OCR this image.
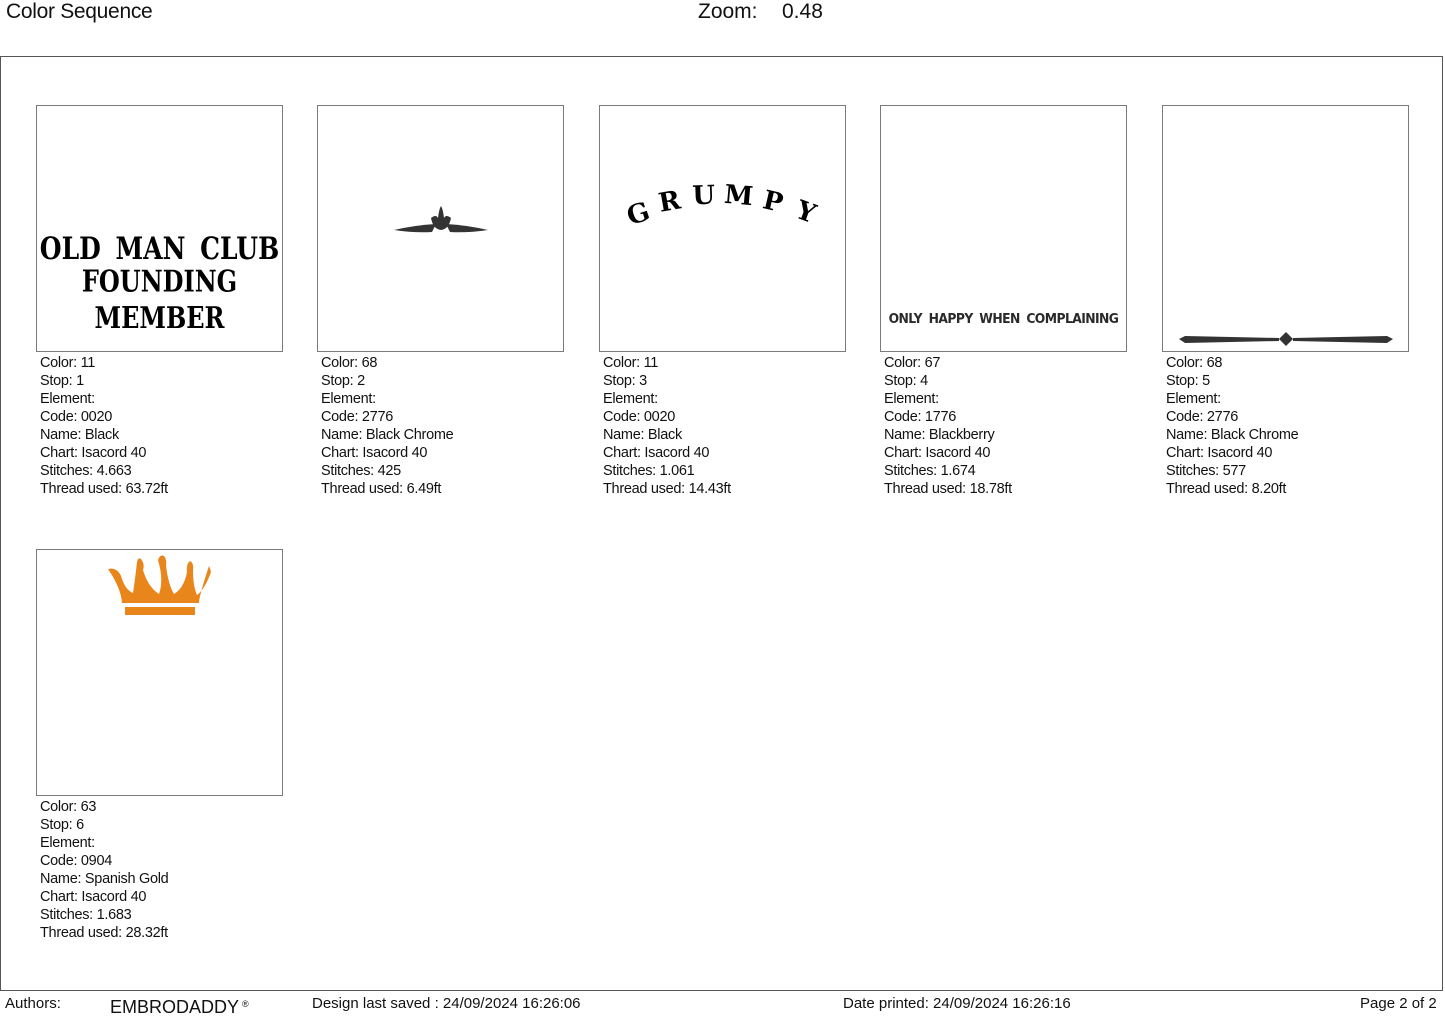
Color Sequence	Zoom: 0.48
OLD MAN CLUB
FOUNDING MEMBER
Color: 11
Stop: 1
Element:
Code: 0020
Name: Black
Chart: Isacord 40
Stitches: 4.663
Thread used: 63.72ft
Color: 68
Stop: 2
Element:
Code: 2776
Name: Black Chrome
Chart: Isacord 40
Stitches: 425
Thread used: 6.49ft
G R U M P Y
Color: 11
Stop: 3
Element:
Code: 0020
Name: Black
Chart: Isacord 40
Stitches: 1.061
Thread used: 14.43ft
ONLY HAPPY WHEN COMPLAINING
Color: 67
Stop: 4
Element:
Code: 1776
Name: Blackberry
Chart: Isacord 40
Stitches: 1.674
Thread used: 18.78ft
Color: 68
Stop: 5
Element:
Code: 2776
Name: Black Chrome
Chart: Isacord 40
Stitches: 577
Thread used: 8.20ft
Color: 63
Stop: 6
Element:
Code: 0904
Name: Spanish Gold
Chart: Isacord 40
Stitches: 1.683
Thread used: 28.32ft
Authors:	EMBRODADDY ®	Design last saved : 24/09/2024 16:26:06	Date printed: 24/09/2024 16:26:16	Page 2 of 2
